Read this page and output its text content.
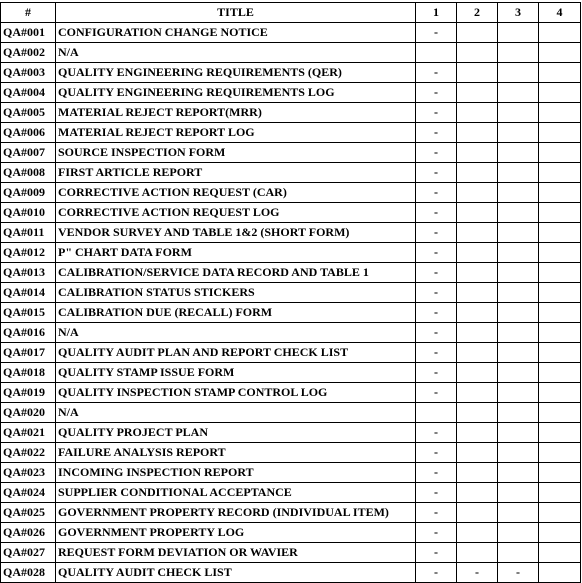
#	TITLE	1	2	3	4
QA#001	CONFIGURATION CHANGE NOTICE	-			
QA#002	N/A				
QA#003	QUALITY ENGINEERING REQUIREMENTS (QER)	-			
QA#004	QUALITY ENGINEERING REQUIREMENTS LOG	-			
QA#005	MATERIAL REJECT REPORT(MRR)	-			
QA#006	MATERIAL REJECT REPORT LOG	-			
QA#007	SOURCE INSPECTION FORM	-			
QA#008	FIRST ARTICLE REPORT	-			
QA#009	CORRECTIVE ACTION REQUEST (CAR)	-			
QA#010	CORRECTIVE ACTION REQUEST LOG	-			
QA#011	VENDOR SURVEY AND TABLE 1&2 (SHORT FORM)	-			
QA#012	P" CHART DATA FORM	-			
QA#013	CALIBRATION/SERVICE DATA RECORD AND TABLE 1	-			
QA#014	CALIBRATION STATUS STICKERS	-			
QA#015	CALIBRATION DUE (RECALL) FORM	-			
QA#016	N/A	-			
QA#017	QUALITY AUDIT PLAN AND REPORT CHECK LIST	-			
QA#018	QUALITY STAMP ISSUE FORM	-			
QA#019	QUALITY INSPECTION STAMP CONTROL LOG	-			
QA#020	N/A				
QA#021	QUALITY PROJECT PLAN	-			
QA#022	FAILURE ANALYSIS REPORT	-			
QA#023	INCOMING INSPECTION REPORT	-			
QA#024	SUPPLIER CONDITIONAL ACCEPTANCE	-			
QA#025	GOVERNMENT PROPERTY RECORD (INDIVIDUAL ITEM)	-			
QA#026	GOVERNMENT PROPERTY LOG	-			
QA#027	REQUEST FORM DEVIATION OR WAVIER	-			
QA#028	QUALITY AUDIT CHECK LIST	-	-	-	
